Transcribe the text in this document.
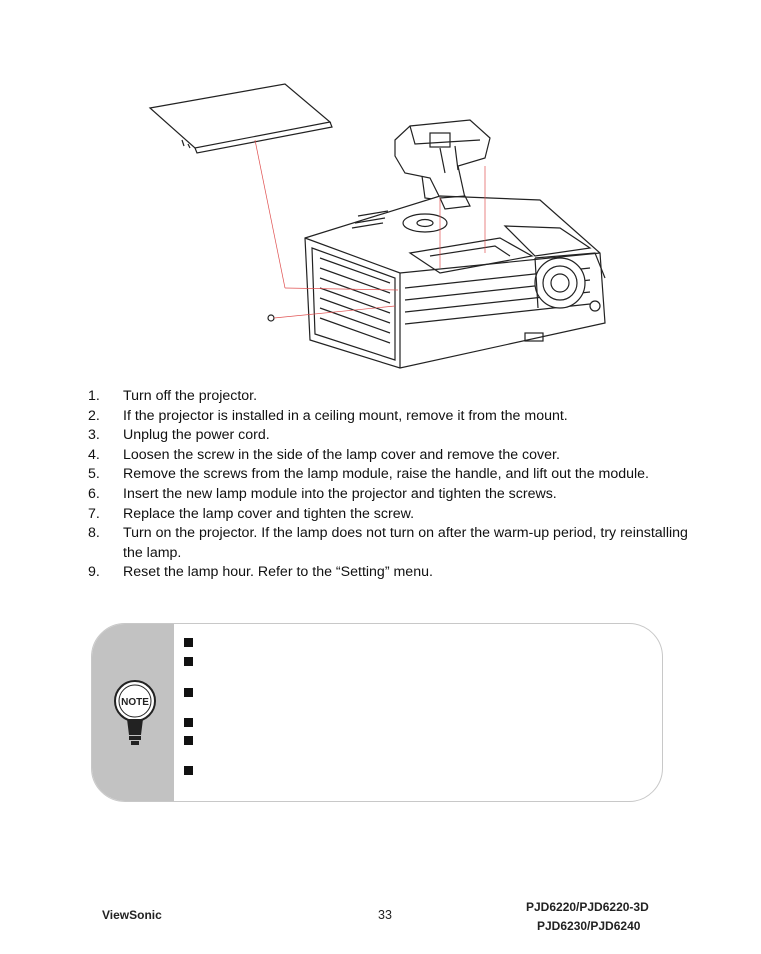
1.	Turn off the projector.
2.	If the projector is installed in a ceiling mount, remove it from the mount.
3.	Unplug the power cord.
4.	Loosen the screw in the side of the lamp cover and remove the cover.
5.	Remove the screws from the lamp module, raise the handle, and lift out the module.
6.	Insert the new lamp module into the projector and tighten the screws.
7.	Replace the lamp cover and tighten the screw.
8.	Turn on the projector. If the lamp does not turn on after the warm-up period, try reinstalling the lamp.
9.	Reset the lamp hour. Refer to the “Setting” menu.
NOTE
ViewSonic	33
PJD6220/PJD6220-3D
PJD6230/PJD6240
